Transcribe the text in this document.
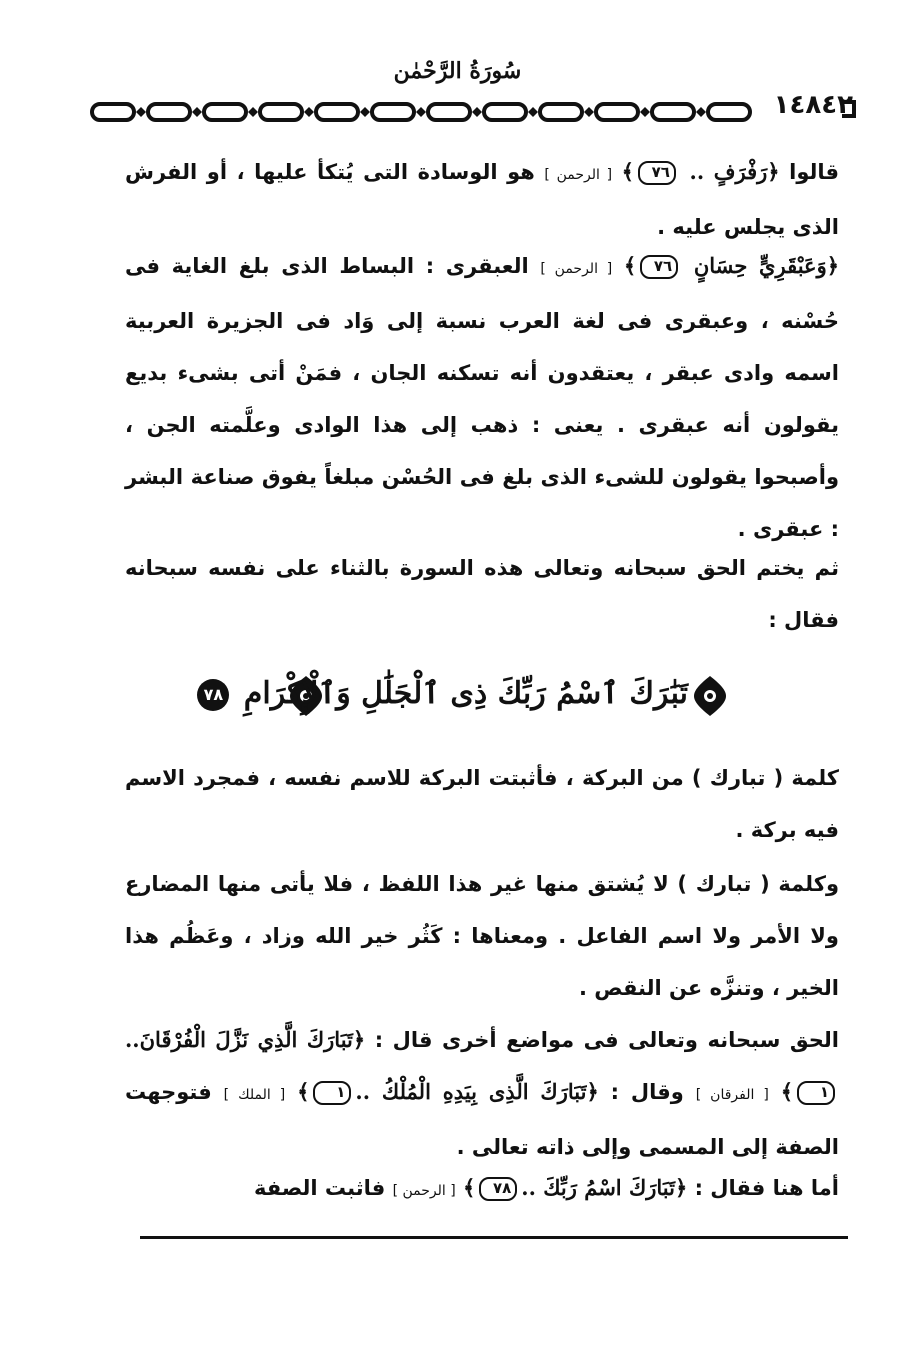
سُورَةُ الرَّحْمٰن
١٤٨٤٢
قالوا ﴿رَفْرَفٍ .. ٧٦﴾ [ الرحمن ] هو الوسادة التى يُتكأ عليها ، أو الفرش الذى يجلس عليه .
﴿وَعَبْقَرِيٍّ حِسَانٍ ٧٦﴾ [ الرحمن ] العبقرى : البساط الذى بلغ الغاية فى حُسْنه ، وعبقرى فى لغة العرب نسبة إلى وَاد فى الجزيرة العربية اسمه وادى عبقر ، يعتقدون أنه تسكنه الجان ، فمَنْ أتى بشىء بديع يقولون أنه عبقرى . يعنى : ذهب إلى هذا الوادى وعلَّمته الجن ، وأصبحوا يقولون للشىء الذى بلغ فى الحُسْن مبلغاً يفوق صناعة البشر : عبقرى .
ثم يختم الحق سبحانه وتعالى هذه السورة بالثناء على نفسه سبحانه فقال :
تَبَٰرَكَ ٱسْمُ رَبِّكَ ذِى ٱلْجَلَٰلِ وَٱلْإِكْرَامِ ٧٨
كلمة ( تبارك ) من البركة ، فأثبتت البركة للاسم نفسه ، فمجرد الاسم فيه بركة .
وكلمة ( تبارك ) لا يُشتق منها غير هذا اللفظ ، فلا يأتى منها المضارع ولا الأمر ولا اسم الفاعل . ومعناها : كَثُر خير الله وزاد ، وعَظُم هذا الخير ، وتنزَّه عن النقص .
الحق سبحانه وتعالى فى مواضع أخرى قال : ﴿تَبَارَكَ الَّذِي نَزَّلَ الْفُرْقَانَ..١﴾ [ الفرقان ] وقال : ﴿تَبَارَكَ الَّذِى بِيَدِهِ الْمُلْكُ ..١﴾ [ الملك ] فتوجهت الصفة إلى المسمى وإلى ذاته تعالى .
أما هنا فقال : ﴿تَبَارَكَ اسْمُ رَبِّكَ ..٧٨﴾ [ الرحمن ] فاثبت الصفة
